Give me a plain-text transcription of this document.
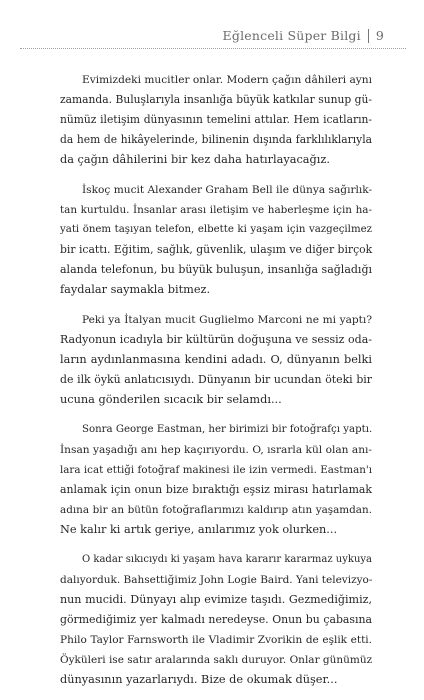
Eğlenceli Süper Bilgi 9
Evimizdeki mucitler onlar. Modern çağın dâhileri aynı
zamanda. Buluşlarıyla insanlığa büyük katkılar sunup gü-
nümüz iletişim dünyasının temelini attılar. Hem icatların-
da hem de hikâyelerinde, bilinenin dışında farklılıklarıyla
da çağın dâhilerini bir kez daha hatırlayacağız.
İskoç mucit Alexander Graham Bell ile dünya sağırlık-
tan kurtuldu. İnsanlar arası iletişim ve haberleşme için ha-
yati önem taşıyan telefon, elbette ki yaşam için vazgeçilmez
bir icattı. Eğitim, sağlık, güvenlik, ulaşım ve diğer birçok
alanda telefonun, bu büyük buluşun, insanlığa sağladığı
faydalar saymakla bitmez.
Peki ya İtalyan mucit Guglielmo Marconi ne mi yaptı?
Radyonun icadıyla bir kültürün doğuşuna ve sessiz oda-
ların aydınlanmasına kendini adadı. O, dünyanın belki
de ilk öykü anlatıcısıydı. Dünyanın bir ucundan öteki bir
ucuna gönderilen sıcacık bir selamdı...
Sonra George Eastman, her birimizi bir fotoğrafçı yaptı.
İnsan yaşadığı anı hep kaçırıyordu. O, ısrarla kül olan anı-
lara icat ettiği fotoğraf makinesi ile izin vermedi. Eastman'ı
anlamak için onun bize bıraktığı eşsiz mirası hatırlamak
adına bir an bütün fotoğraflarımızı kaldırıp atın yaşamdan.
Ne kalır ki artık geriye, anılarımız yok olurken...
O kadar sıkıcıydı ki yaşam hava kararır kararmaz uykuya
dalıyorduk. Bahsettiğimiz John Logie Baird. Yani televizyo-
nun mucidi. Dünyayı alıp evimize taşıdı. Gezmediğimiz,
görmediğimiz yer kalmadı neredeyse. Onun bu çabasına
Philo Taylor Farnsworth ile Vladimir Zvorikin de eşlik etti.
Öyküleri ise satır aralarında saklı duruyor. Onlar günümüz
dünyasının yazarlarıydı. Bize de okumak düşer...
